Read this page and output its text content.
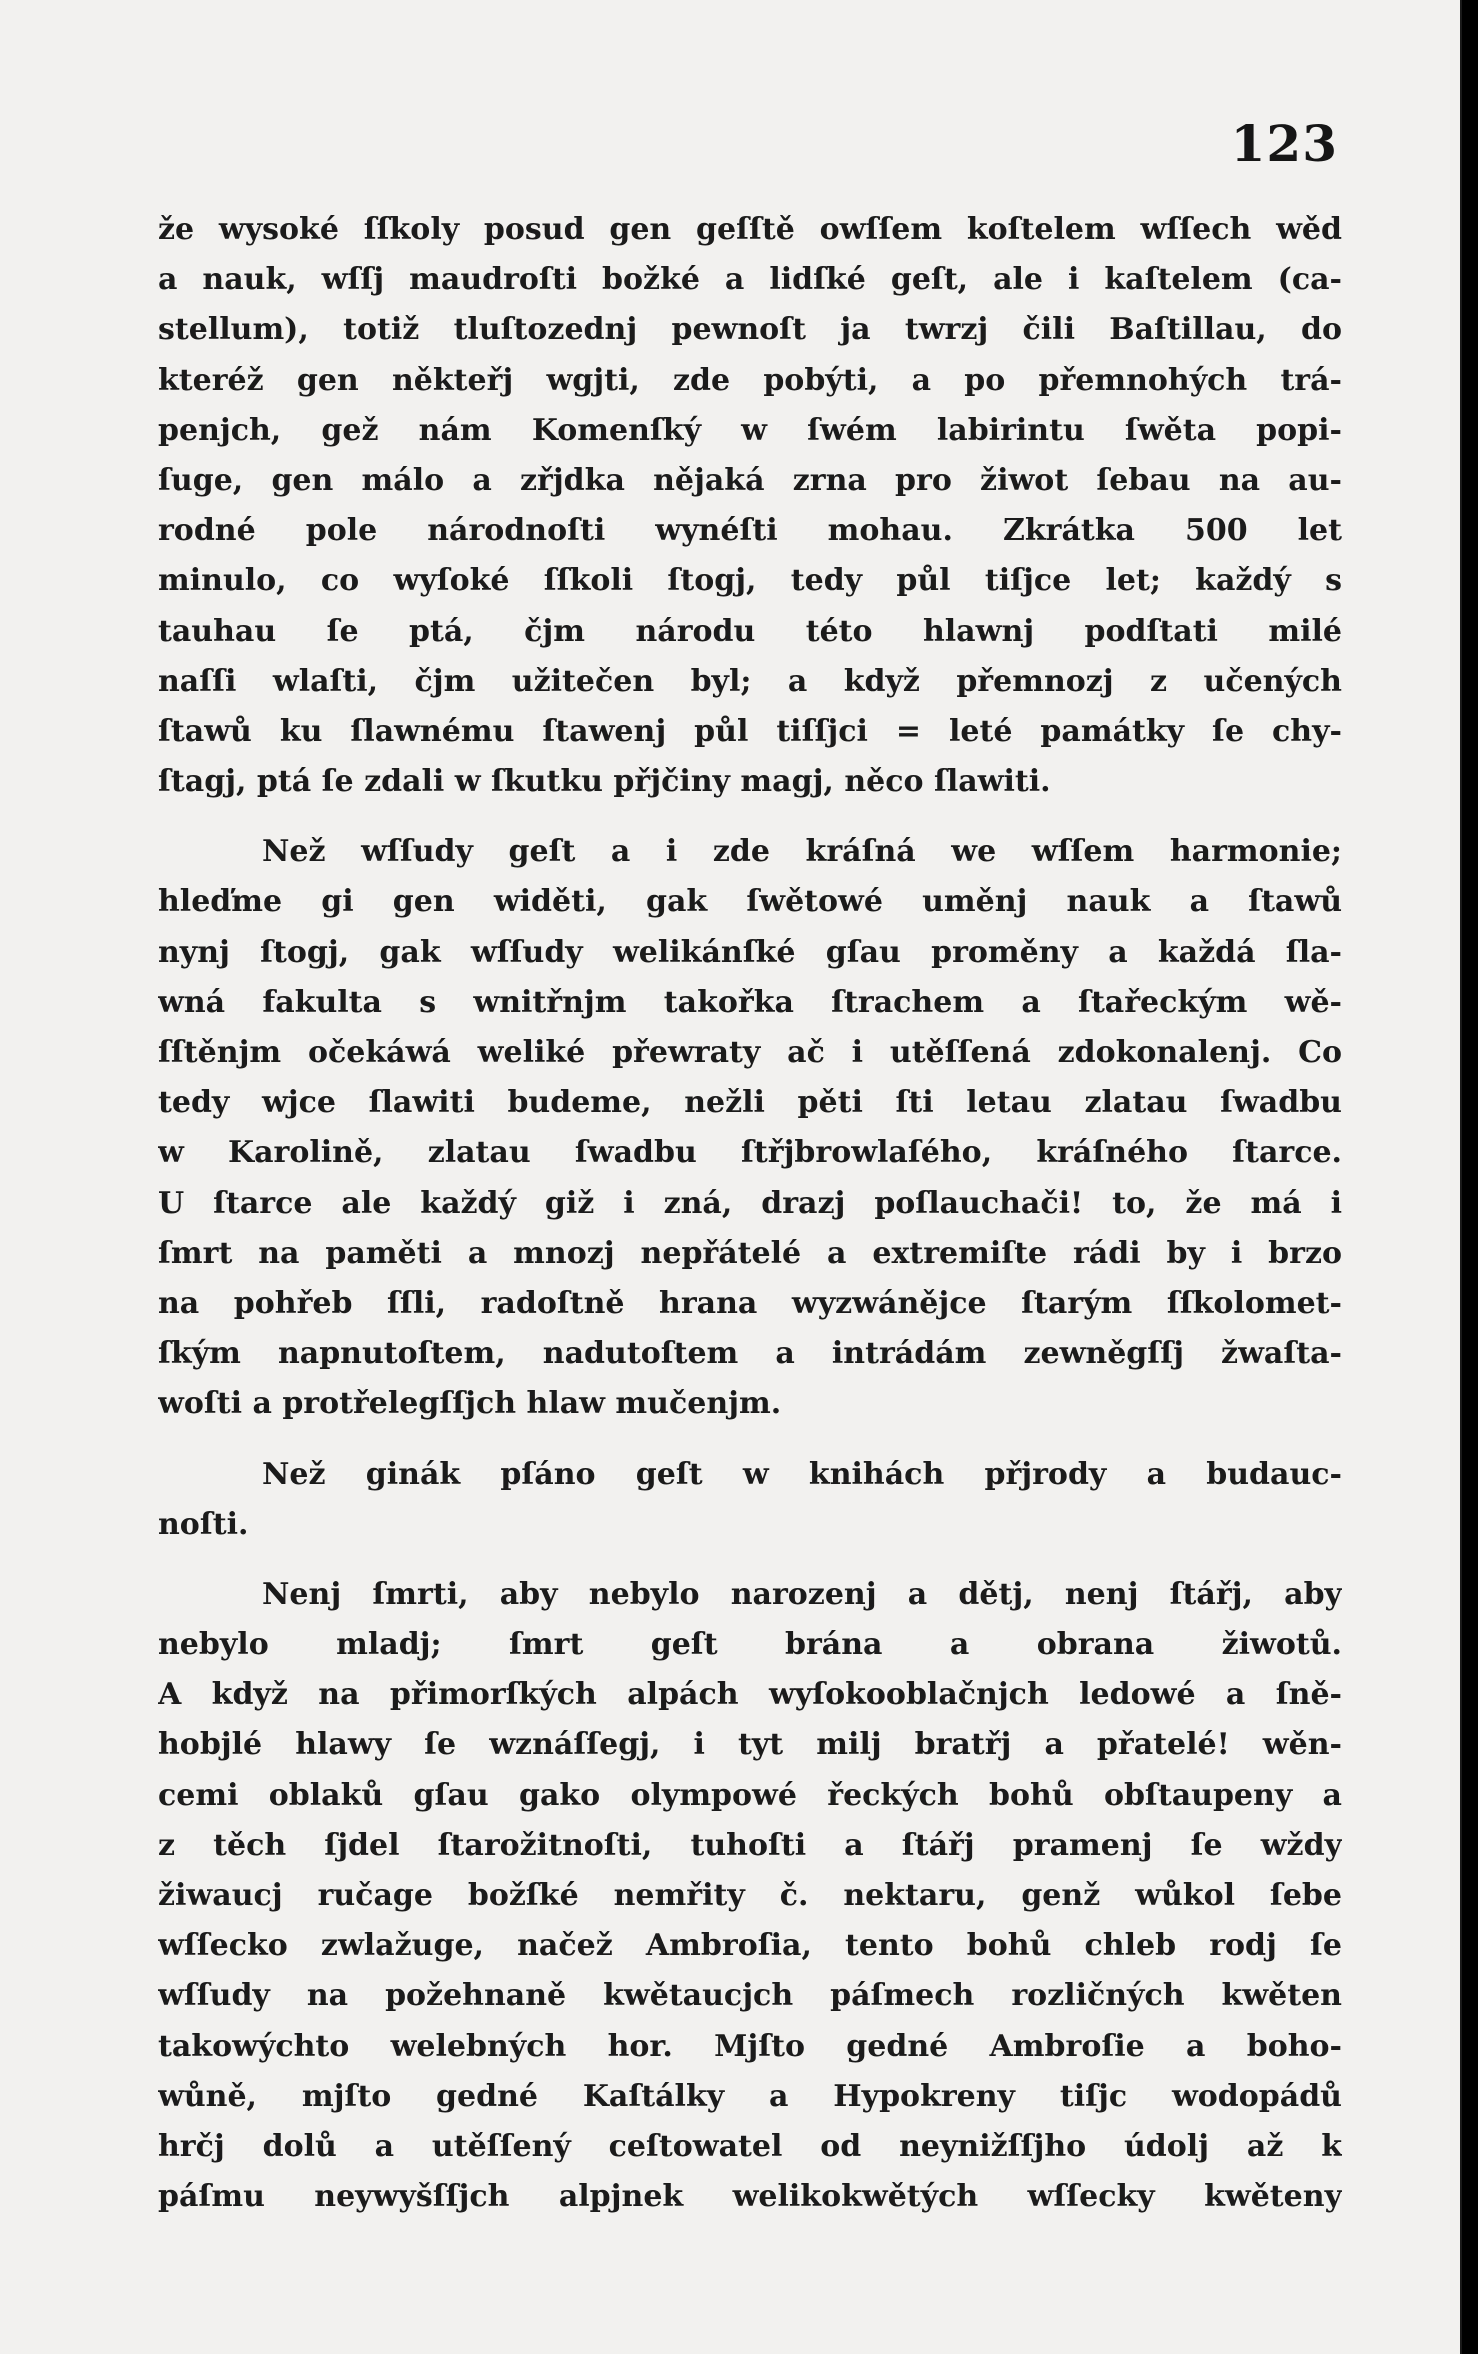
123
že wysoké ſſkoly posud gen geſſtě owſſem koſtelem wſſech wěd
a nauk, wſſj maudroſti božké a lidſké geſt, ale i kaſtelem (ca-
stellum), totiž tluſtozednj pewnoſt ja twrzj čili Baſtillau, do
kteréž gen někteřj wgjti, zde pobýti, a po přemnohých trá-
penjch, gež nám Komenſký w ſwém labirintu ſwěta popi-
ſuge, gen málo a zřjdka nějaká zrna pro žiwot ſebau na au-
rodné pole národnoſti wynéſti mohau. Zkrátka 500 let
minulo, co wyſoké ſſkoli ſtogj, tedy půl tiſjce let; každý s
tauhau ſe ptá, čjm národu této hlawnj podſtati milé
naſſi wlaſti, čjm užitečen byl; a když přemnozj z učených
ſtawů ku ſlawnému ſtawenj půl tiſſjci = leté památky ſe chy-
ſtagj, ptá ſe zdali w ſkutku přjčiny magj, něco ſlawiti.
Než wſſudy geſt a i zde kráſná we wſſem harmonie;
hleďme gi gen widěti, gak ſwětowé uměnj nauk a ſtawů
nynj ſtogj, gak wſſudy welikánſké gſau proměny a každá ſla-
wná fakulta s wnitřnjm takořka ſtrachem a ſtařeckým wě-
ſſtěnjm očekáwá weliké přewraty ač i utěſſená zdokonalenj. Co
tedy wjce ſlawiti budeme, nežli pěti ſti letau zlatau ſwadbu
w Karolině, zlatau ſwadbu ſtřjbrowlaſého, kráſného ſtarce.
U ſtarce ale každý giž i zná, drazj poſlauchači! to, že má i
ſmrt na paměti a mnozj nepřátelé a extremiſte rádi by i brzo
na pohřeb ſſli, radoſtně hrana wyzwánějce ſtarým ſſkolomet-
ſkým napnutoſtem, nadutoſtem a intrádám zewněgſſj žwaſta-
woſti a protřelegſſjch hlaw mučenjm.
Než ginák pſáno geſt w knihách přjrody a budauc-
noſti.
Nenj ſmrti, aby nebylo narozenj a dětj, nenj ſtářj, aby
nebylo mladj; ſmrt geſt brána a obrana žiwotů.
A když na přimorſkých alpách wyſokooblačnjch ledowé a ſně-
hobjlé hlawy ſe wznáſſegj, i tyt milj bratřj a přatelé! wěn-
cemi oblaků gſau gako olympowé řeckých bohů obſtaupeny a
z těch ſjdel ſtarožitnoſti, tuhoſti a ſtářj pramenj ſe wždy
žiwaucj ručage božſké nemřity č. nektaru, genž wůkol ſebe
wſſecko zwlažuge, načež Ambroſia, tento bohů chleb rodj ſe
wſſudy na požehnaně kwětaucjch páſmech rozličných kwěten
takowýchto welebných hor. Mjſto gedné Ambroſie a boho-
wůně, mjſto gedné Kaſtálky a Hypokreny tiſjc wodopádů
hrčj dolů a utěſſený ceſtowatel od neynižſſjho údolj až k
páſmu neywyšſſjch alpjnek welikokwětých wſſecky kwěteny
